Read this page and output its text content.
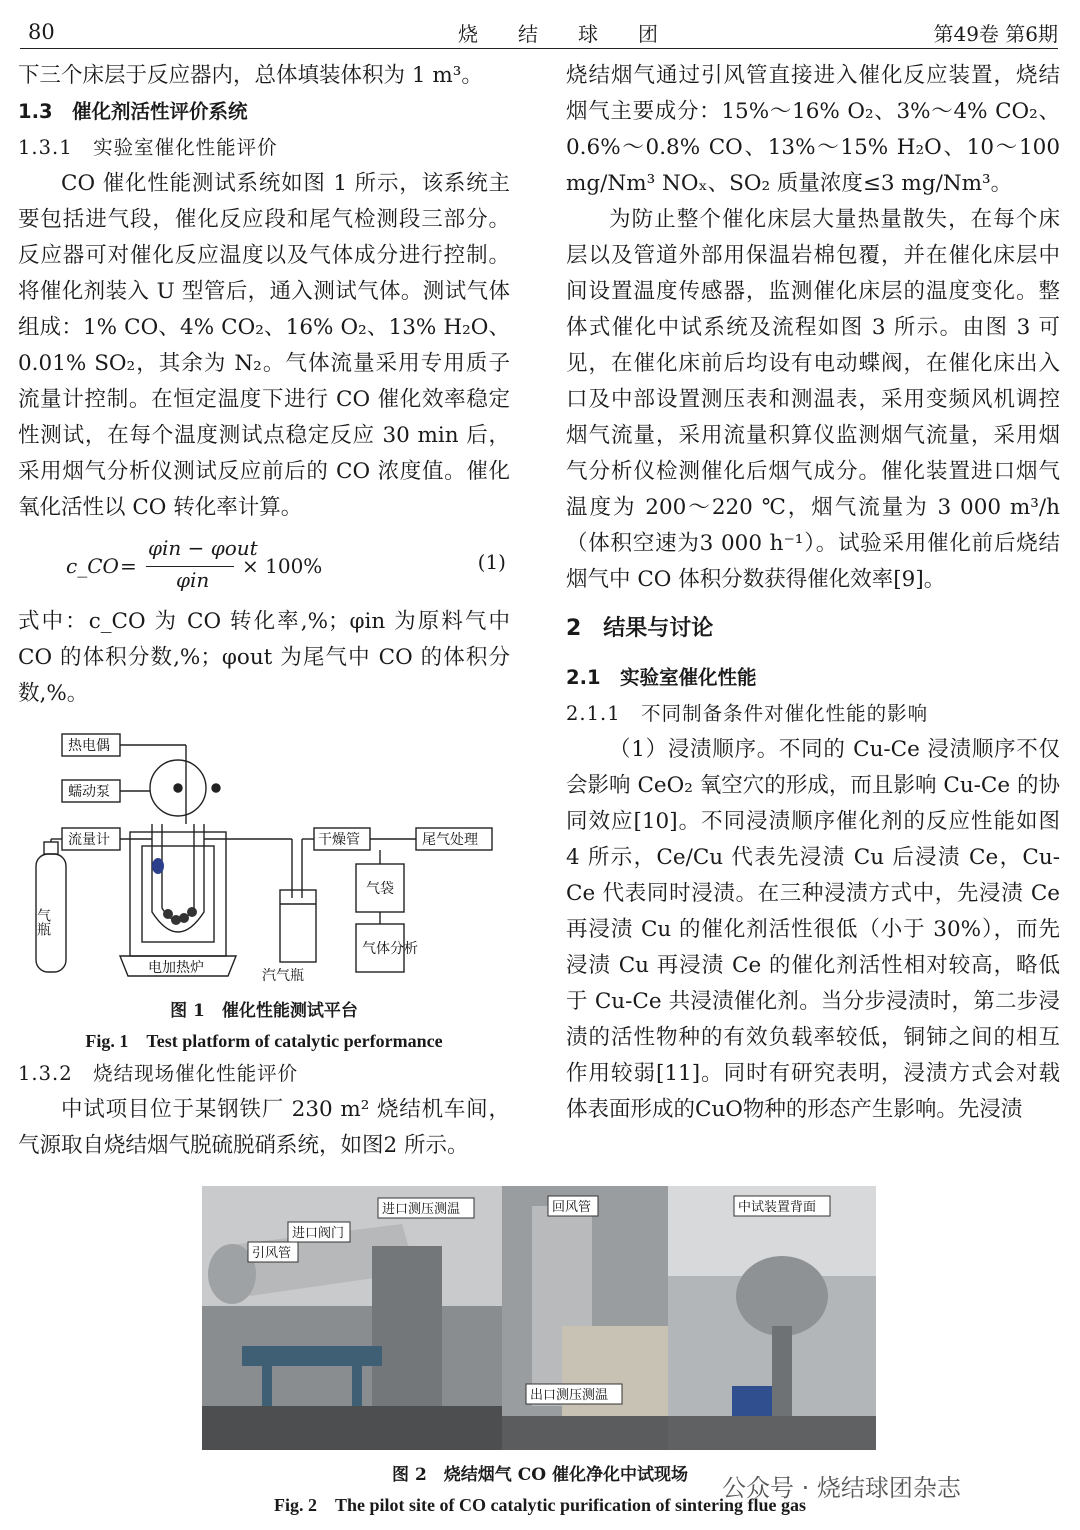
80	烧结球团	第49卷 第6期

下三个床层于反应器内，总体填装体积为 1 m³。

1.3　催化剂活性评价系统

1.3.1　实验室催化性能评价

CO 催化性能测试系统如图 1 所示，该系统主要包括进气段，催化反应段和尾气检测段三部分。反应器可对催化反应温度以及气体成分进行控制。将催化剂装入 U 型管后，通入测试气体。测试气体组成：1% CO、4% CO₂、16% O₂、13% H₂O、0.01% SO₂，其余为 N₂。气体流量采用专用质子流量计控制。在恒定温度下进行 CO 催化效率稳定性测试，在每个温度测试点稳定反应 30 min 后，采用烟气分析仪测试反应前后的 CO 浓度值。催化氧化活性以 CO 转化率计算。

c_CO =
φin − φout
φin
× 100%	(1)

式中：c_CO 为 CO 转化率,%；φin 为原料气中 CO 的体积分数,%；φout 为尾气中 CO 的体积分数,%。

热电偶
蠕动泵
流量计
气瓶
电加热炉	汽气瓶
干燥管	尾气处理
气袋
气体分析

图 1　催化性能测试平台

Fig. 1　Test platform of catalytic performance

1.3.2　烧结现场催化性能评价

中试项目位于某钢铁厂 230 m² 烧结机车间，气源取自烧结烟气脱硫脱硝系统，如图2 所示。

烧结烟气通过引风管直接进入催化反应装置，烧结烟气主要成分：15%～16% O₂、3%～4% CO₂、0.6%～0.8% CO、13%～15% H₂O、10～100 mg/Nm³ NOₓ、SO₂ 质量浓度≤3 mg/Nm³。

为防止整个催化床层大量热量散失，在每个床层以及管道外部用保温岩棉包覆，并在催化床层中间设置温度传感器，监测催化床层的温度变化。整体式催化中试系统及流程如图 3 所示。由图 3 可见，在催化床前后均设有电动蝶阀，在催化床出入口及中部设置测压表和测温表，采用变频风机调控烟气流量，采用流量积算仪监测烟气流量，采用烟气分析仪检测催化后烟气成分。催化装置进口烟气温度为 200～220 ℃，烟气流量为 3 000 m³/h（体积空速为3 000 h⁻¹）。试验采用催化前后烧结烟气中 CO 体积分数获得催化效率[9]。

2　结果与讨论

2.1　实验室催化性能

2.1.1　不同制备条件对催化性能的影响

（1）浸渍顺序。不同的 Cu-Ce 浸渍顺序不仅会影响 CeO₂ 氧空穴的形成，而且影响 Cu-Ce 的协同效应[10]。不同浸渍顺序催化剂的反应性能如图 4 所示，Ce/Cu 代表先浸渍 Cu 后浸渍 Ce，Cu-Ce 代表同时浸渍。在三种浸渍方式中，先浸渍 Ce 再浸渍 Cu 的催化剂活性很低（小于 30%），而先浸渍 Cu 再浸渍 Ce 的催化剂活性相对较高，略低于 Cu-Ce 共浸渍催化剂。当分步浸渍时，第二步浸渍的活性物种的有效负载率较低，铜铈之间的相互作用较弱[11]。同时有研究表明，浸渍方式会对载体表面形成的CuO物种的形态产生影响。先浸渍

引风管
进口阀门
进口测压测温	回风管
出口测压测温
中试装置背面

图 2　烧结烟气 CO 催化净化中试现场

Fig. 2　The pilot site of CO catalytic purification of sintering flue gas

公众号 · 烧结球团杂志
